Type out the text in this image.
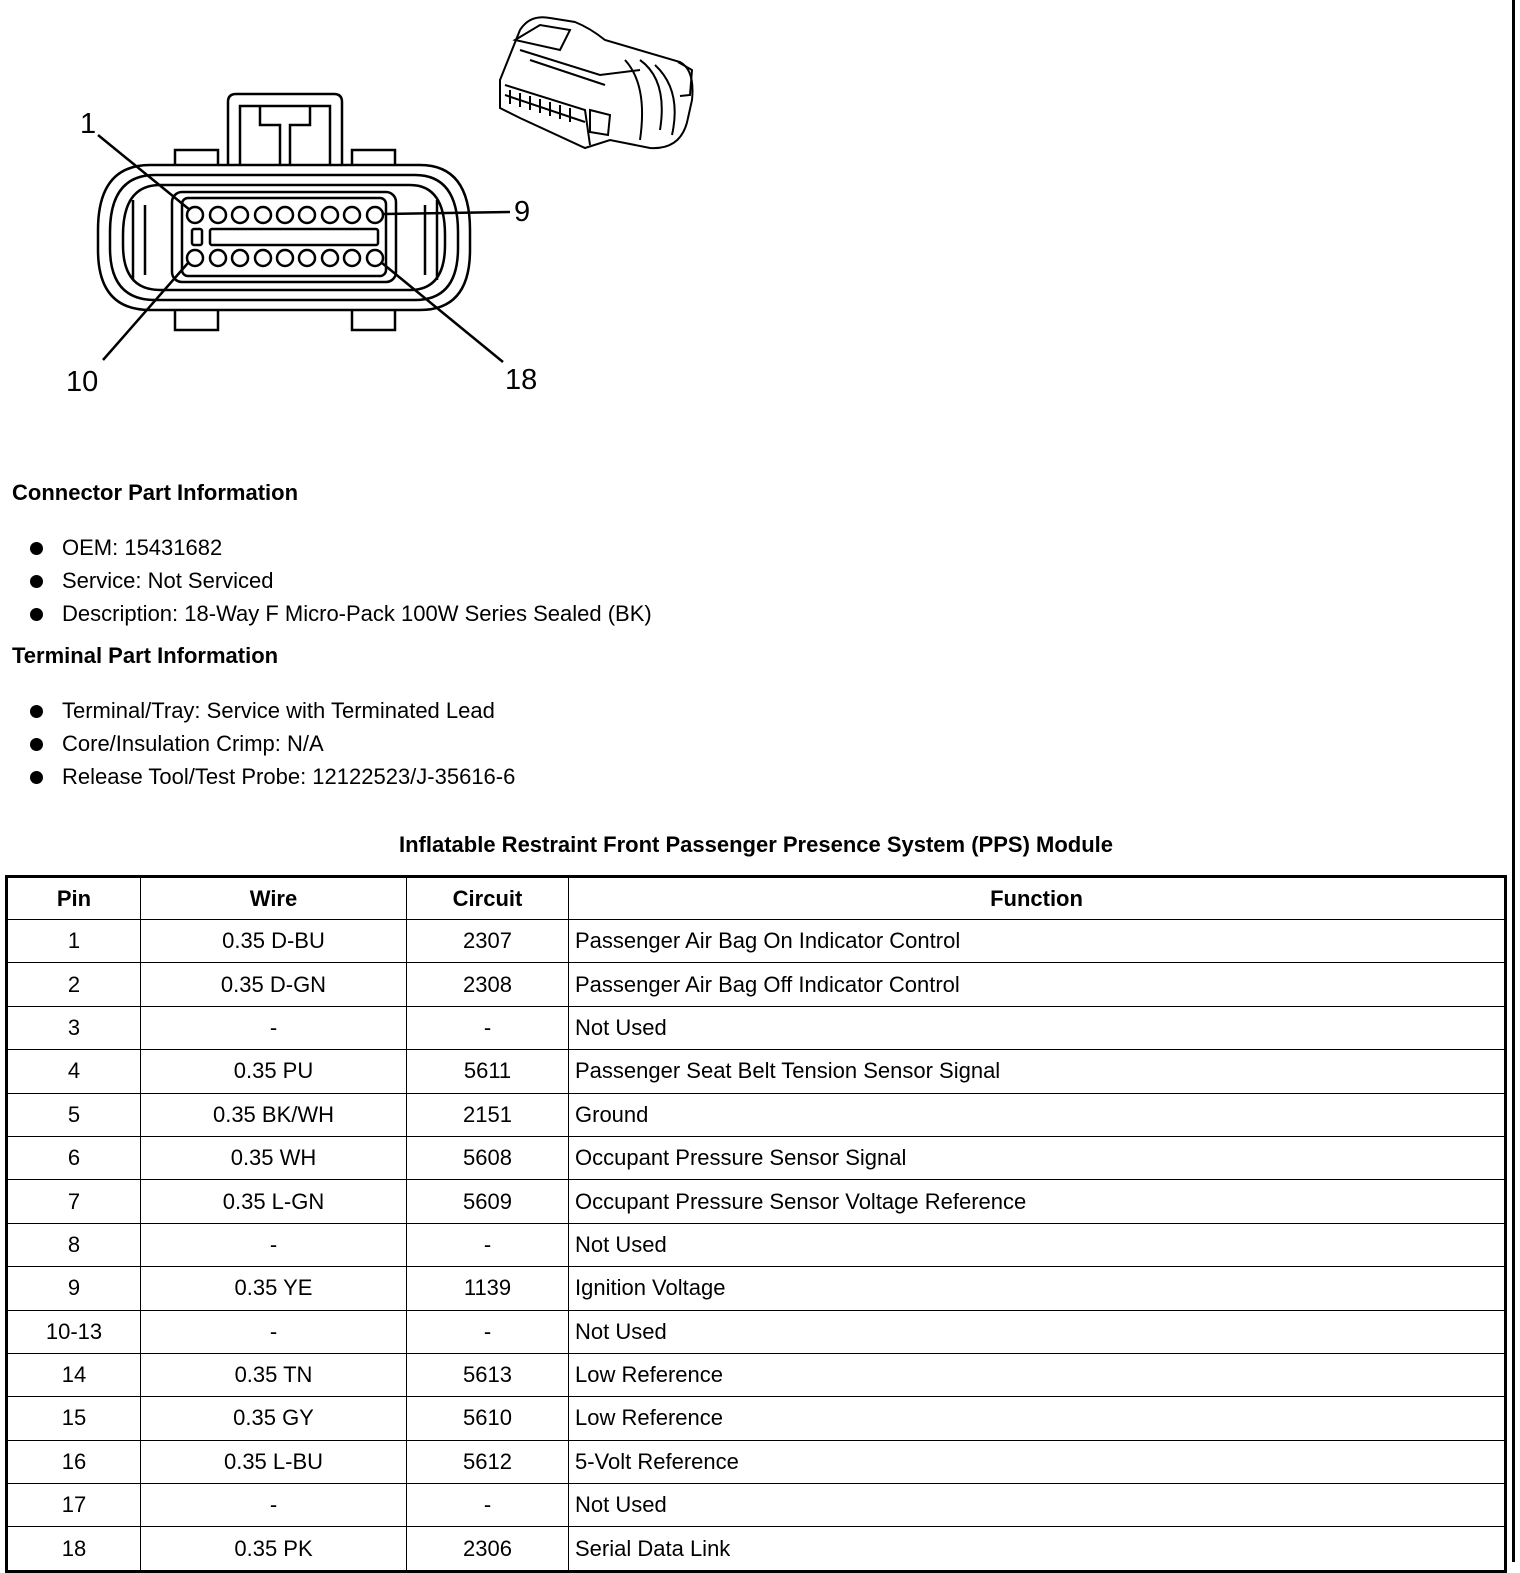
1
9
10	18
Connector Part Information
OEM: 15431682
Service: Not Serviced
Description: 18-Way F Micro-Pack 100W Series Sealed (BK)
Terminal Part Information
Terminal/Tray: Service with Terminated Lead
Core/Insulation Crimp: N/A
Release Tool/Test Probe: 12122523/J-35616-6
Inflatable Restraint Front Passenger Presence System (PPS) Module
Pin	Wire	Circuit	Function
1	0.35 D-BU	2307	Passenger Air Bag On Indicator Control
2	0.35 D-GN	2308	Passenger Air Bag Off Indicator Control
3	-	-	Not Used
4	0.35 PU	5611	Passenger Seat Belt Tension Sensor Signal
5	0.35 BK/WH	2151	Ground
6	0.35 WH	5608	Occupant Pressure Sensor Signal
7	0.35 L-GN	5609	Occupant Pressure Sensor Voltage Reference
8	-	-	Not Used
9	0.35 YE	1139	Ignition Voltage
10-13	-	-	Not Used
14	0.35 TN	5613	Low Reference
15	0.35 GY	5610	Low Reference
16	0.35 L-BU	5612	5-Volt Reference
17	-	-	Not Used
18	0.35 PK	2306	Serial Data Link
